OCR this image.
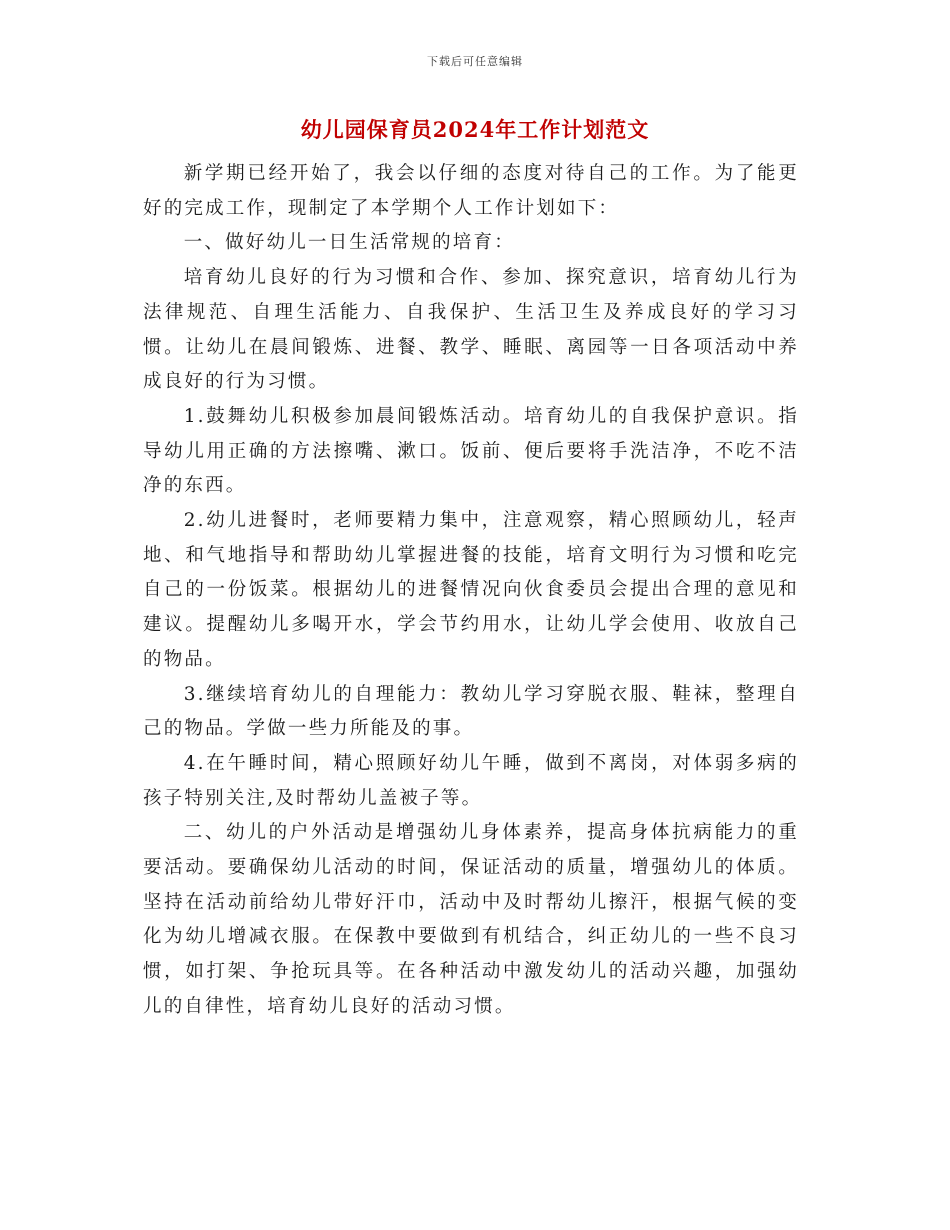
下载后可任意编辑
幼儿园保育员2024年工作计划范文

新学期已经开始了，我会以仔细的态度对待自己的工作。为了能更好的完成工作，现制定了本学期个人工作计划如下：

一、做好幼儿一日生活常规的培育：

培育幼儿良好的行为习惯和合作、参加、探究意识，培育幼儿行为法律规范、自理生活能力、自我保护、生活卫生及养成良好的学习习惯。让幼儿在晨间锻炼、进餐、教学、睡眠、离园等一日各项活动中养成良好的行为习惯。

1.鼓舞幼儿积极参加晨间锻炼活动。培育幼儿的自我保护意识。指导幼儿用正确的方法擦嘴、漱口。饭前、便后要将手洗洁净，不吃不洁净的东西。

2.幼儿进餐时，老师要精力集中，注意观察，精心照顾幼儿，轻声地、和气地指导和帮助幼儿掌握进餐的技能，培育文明行为习惯和吃完自己的一份饭菜。根据幼儿的进餐情况向伙食委员会提出合理的意见和建议。提醒幼儿多喝开水，学会节约用水，让幼儿学会使用、收放自己的物品。

3.继续培育幼儿的自理能力：教幼儿学习穿脱衣服、鞋袜，整理自己的物品。学做一些力所能及的事。

4.在午睡时间，精心照顾好幼儿午睡，做到不离岗，对体弱多病的孩子特别关注,及时帮幼儿盖被子等。

二、幼儿的户外活动是增强幼儿身体素养，提高身体抗病能力的重要活动。要确保幼儿活动的时间，保证活动的质量，增强幼儿的体质。坚持在活动前给幼儿带好汗巾，活动中及时帮幼儿擦汗，根据气候的变化为幼儿增减衣服。在保教中要做到有机结合，纠正幼儿的一些不良习惯，如打架、争抢玩具等。在各种活动中激发幼儿的活动兴趣，加强幼儿的自律性，培育幼儿良好的活动习惯。
